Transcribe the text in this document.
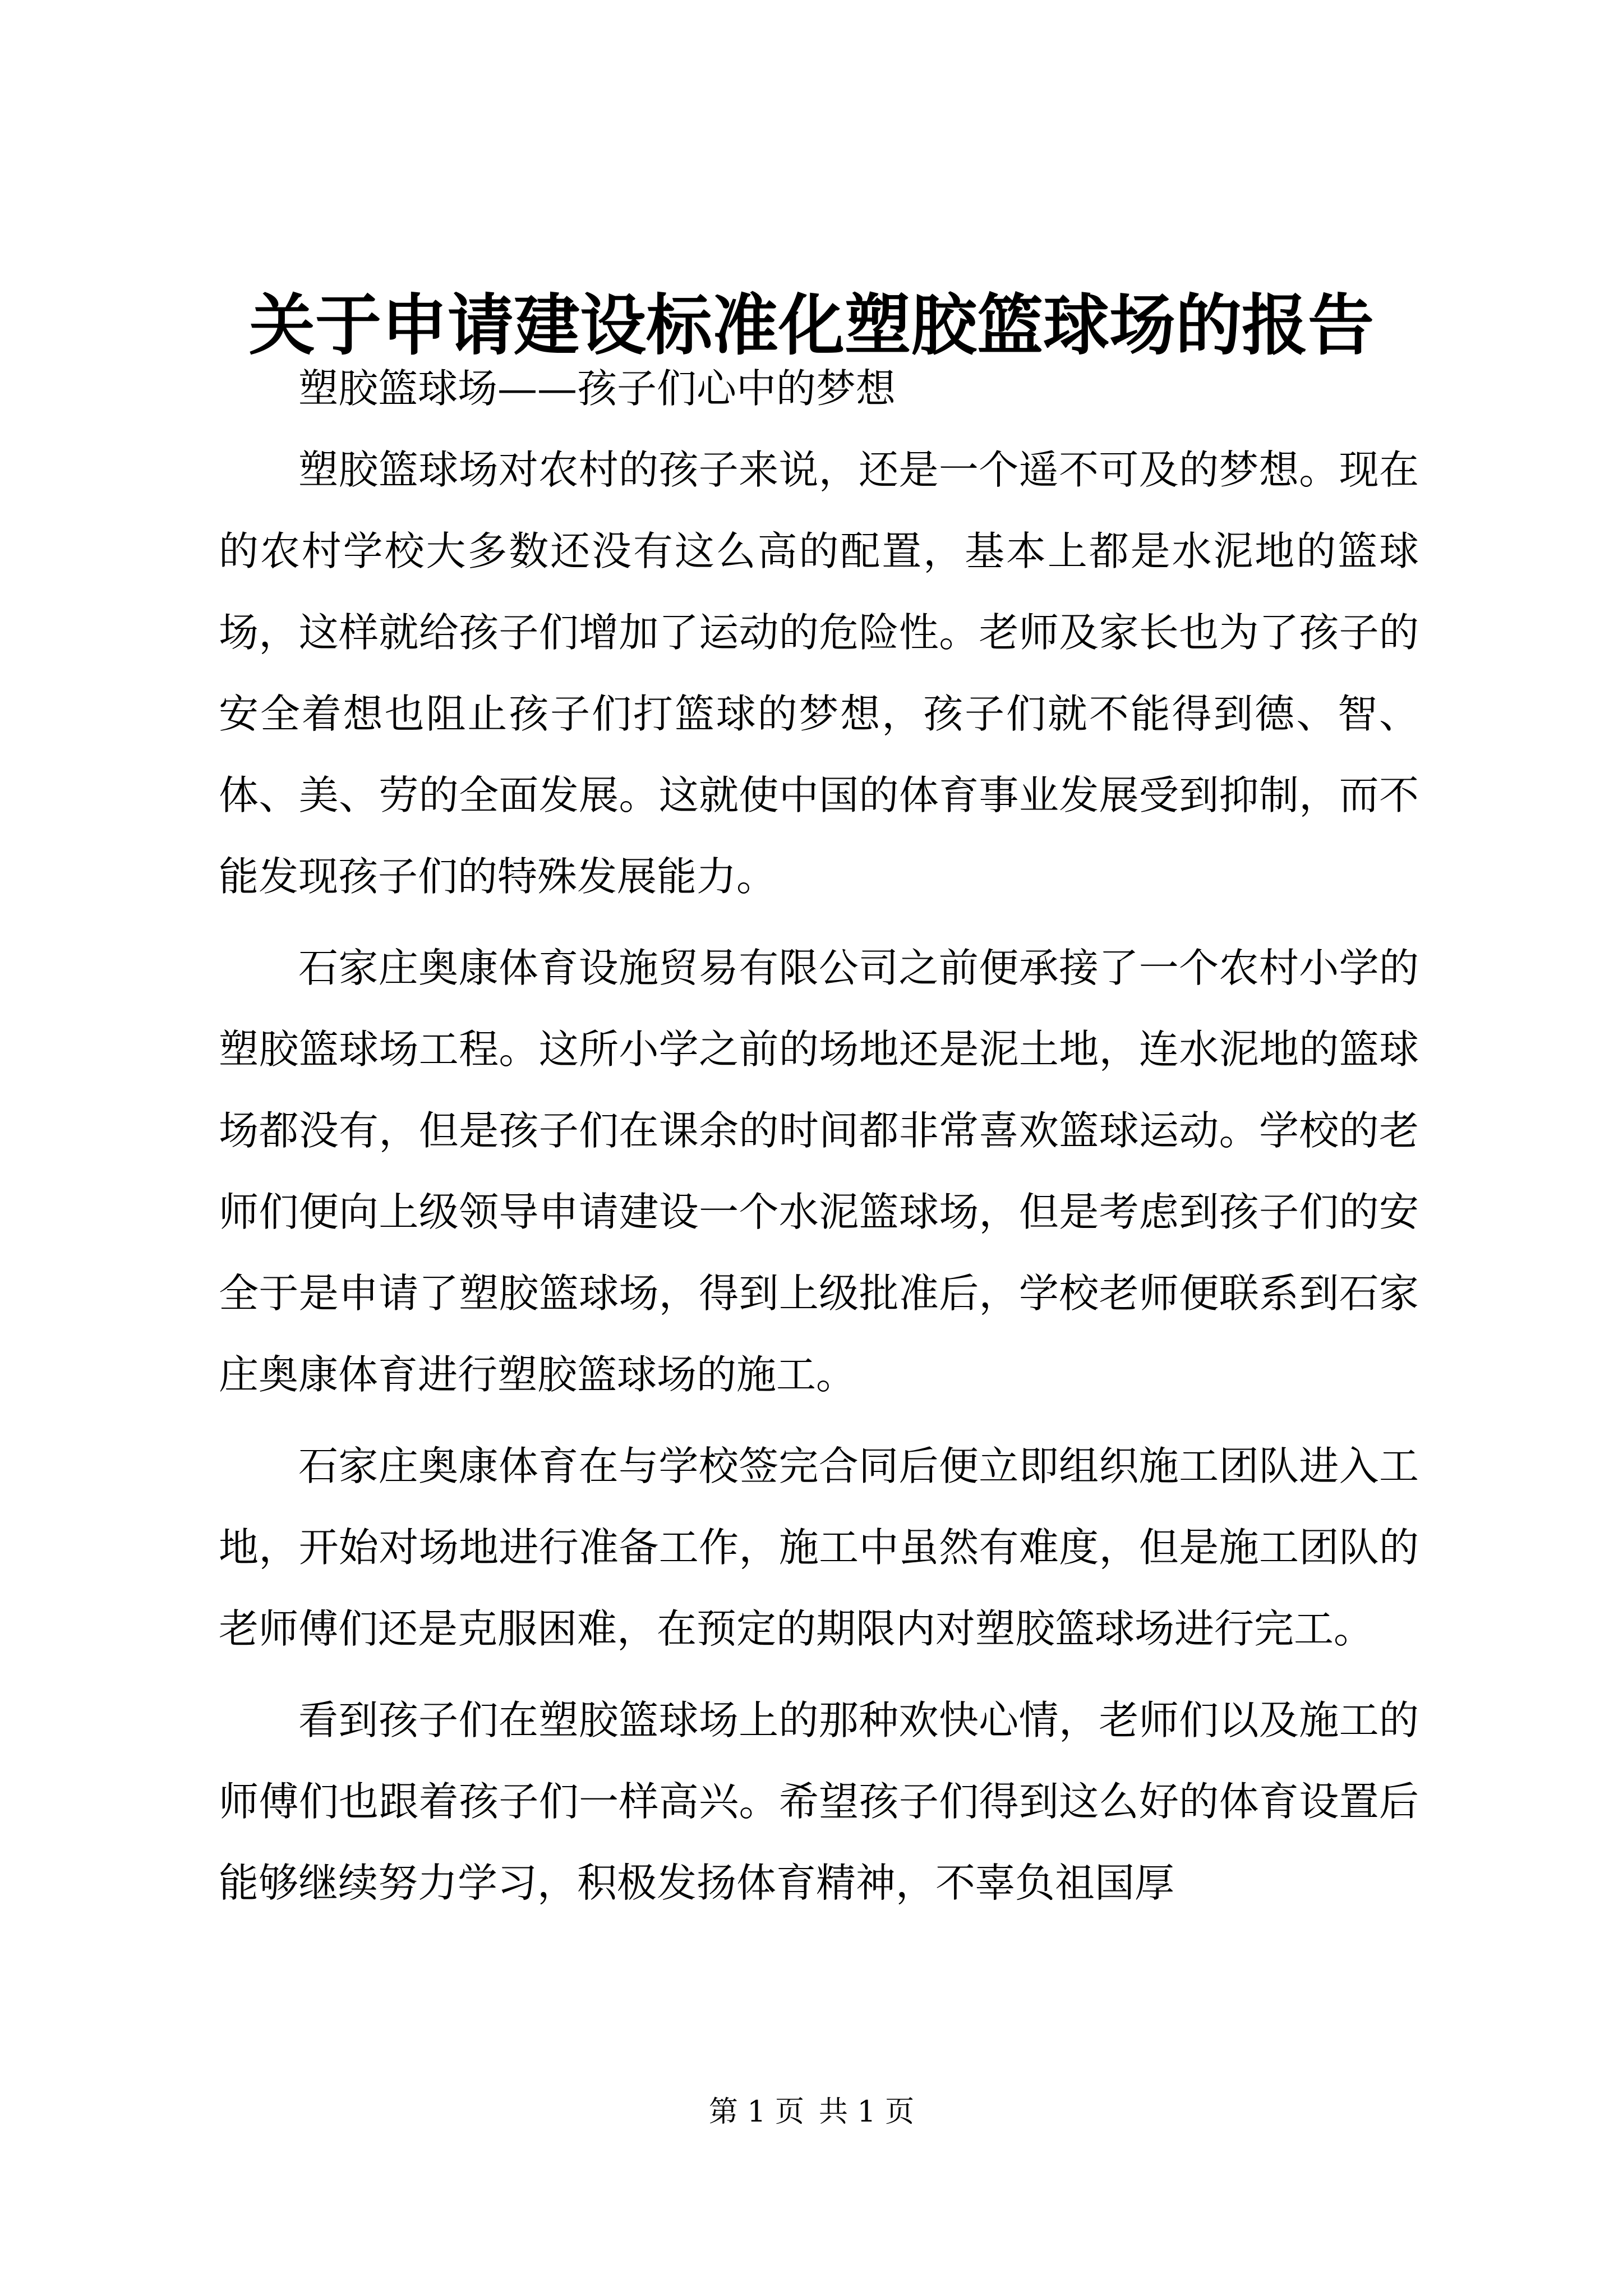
关于申请建设标准化塑胶篮球场的报告

塑胶篮球场——孩子们心中的梦想

塑胶篮球场对农村的孩子来说，还是一个遥不可及的梦想。现在的农村学校大多数还没有这么高的配置，基本上都是水泥地的篮球场，这样就给孩子们增加了运动的危险性。老师及家长也为了孩子的安全着想也阻止孩子们打篮球的梦想，孩子们就不能得到德、智、体、美、劳的全面发展。这就使中国的体育事业发展受到抑制，而不能发现孩子们的特殊发展能力。

石家庄奥康体育设施贸易有限公司之前便承接了一个农村小学的塑胶篮球场工程。这所小学之前的场地还是泥土地，连水泥地的篮球场都没有，但是孩子们在课余的时间都非常喜欢篮球运动。学校的老师们便向上级领导申请建设一个水泥篮球场，但是考虑到孩子们的安全于是申请了塑胶篮球场，得到上级批准后，学校老师便联系到石家庄奥康体育进行塑胶篮球场的施工。

石家庄奥康体育在与学校签完合同后便立即组织施工团队进入工地，开始对场地进行准备工作，施工中虽然有难度，但是施工团队的老师傅们还是克服困难，在预定的期限内对塑胶篮球场进行完工。

看到孩子们在塑胶篮球场上的那种欢快心情，老师们以及施工的师傅们也跟着孩子们一样高兴。希望孩子们得到这么好的体育设置后能够继续努力学习，积极发扬体育精神，不辜负祖国厚

第 1 页 共 1 页
